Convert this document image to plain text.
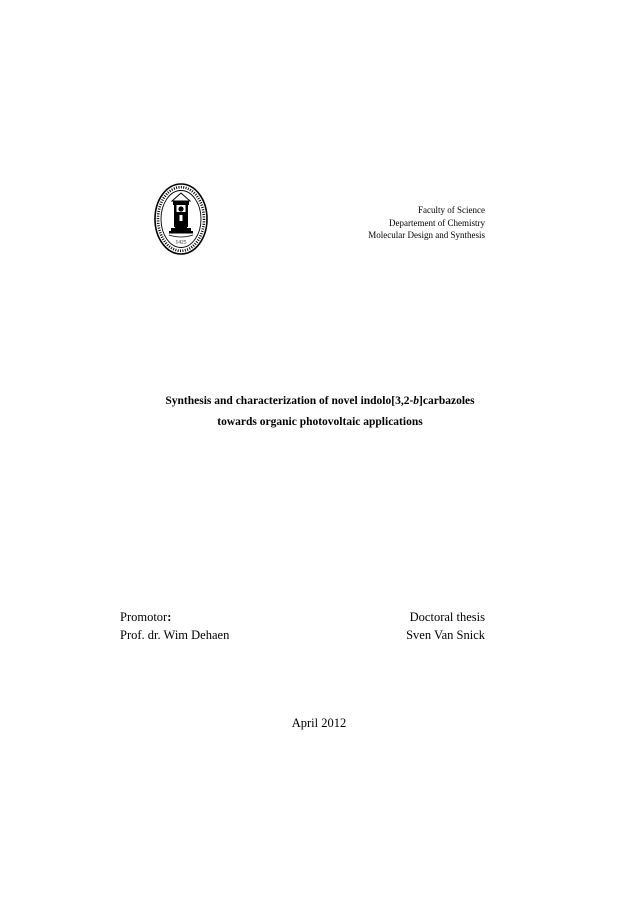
1425
Faculty of Science
Departement of Chemistry
Molecular Design and Synthesis
Synthesis and characterization of novel indolo[3,2-b]carbazoles
towards organic photovoltaic applications
Promotor:
Prof. dr. Wim Dehaen
Doctoral thesis
Sven Van Snick
April 2012
